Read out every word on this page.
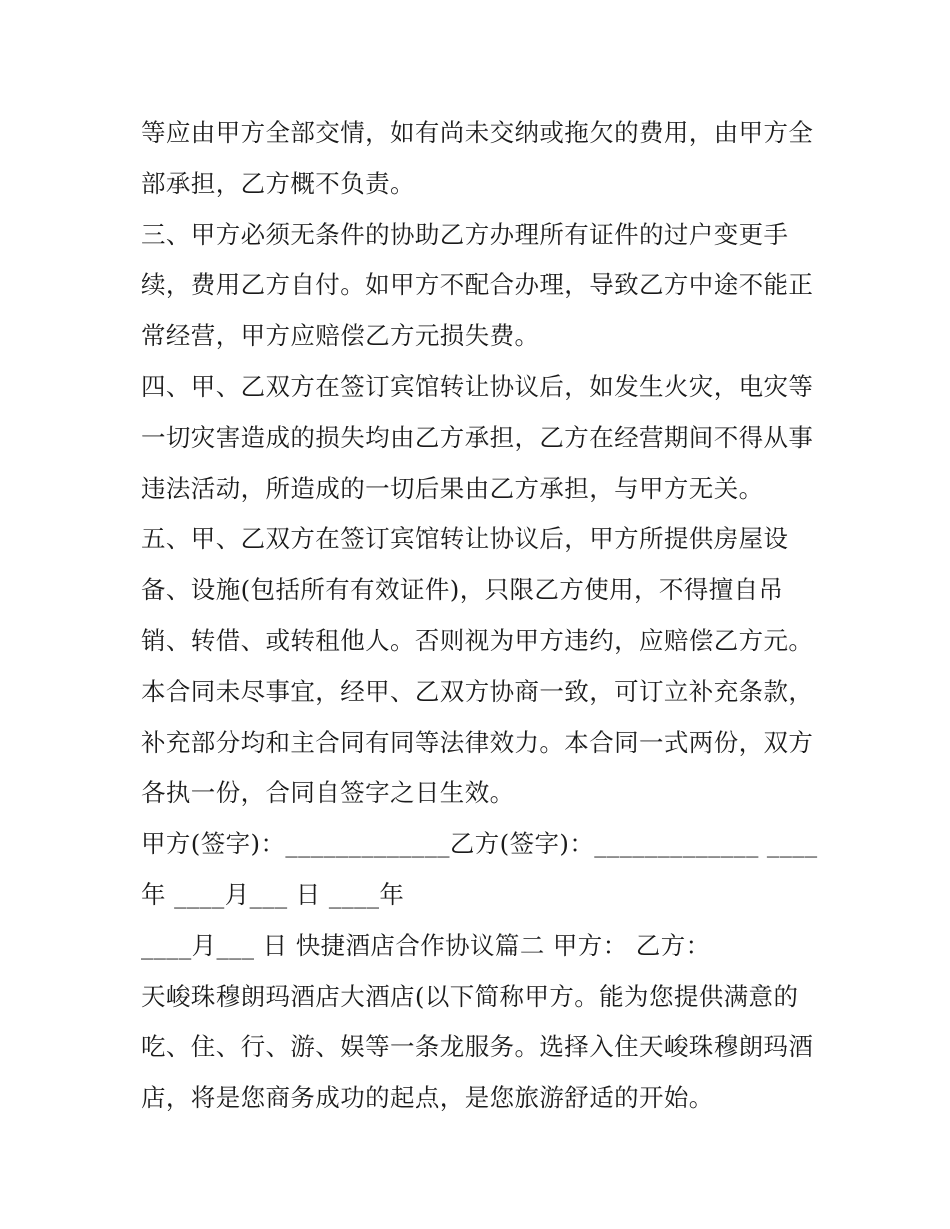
等应由甲方全部交情，如有尚未交纳或拖欠的费用，由甲方全
部承担，乙方概不负责。
三、甲方必须无条件的协助乙方办理所有证件的过户变更手
续，费用乙方自付。如甲方不配合办理，导致乙方中途不能正
常经营，甲方应赔偿乙方元损失费。
四、甲、乙双方在签订宾馆转让协议后，如发生火灾，电灾等
一切灾害造成的损失均由乙方承担，乙方在经营期间不得从事
违法活动，所造成的一切后果由乙方承担，与甲方无关。
五、甲、乙双方在签订宾馆转让协议后，甲方所提供房屋设
备、设施(包括所有有效证件)，只限乙方使用，不得擅自吊
销、转借、或转租他人。否则视为甲方违约，应赔偿乙方元。
本合同未尽事宜，经甲、乙双方协商一致，可订立补充条款，
补充部分均和主合同有同等法律效力。本合同一式两份，双方
各执一份，合同自签字之日生效。
甲方(签字)：_____________乙方(签字)：_____________ ____
年 ____月___ 日 ____年
____月___ 日 快捷酒店合作协议篇二 甲方： 乙方：
天峻珠穆朗玛酒店大酒店(以下简称甲方。能为您提供满意的
吃、住、行、游、娱等一条龙服务。选择入住天峻珠穆朗玛酒
店，将是您商务成功的起点，是您旅游舒适的开始。
